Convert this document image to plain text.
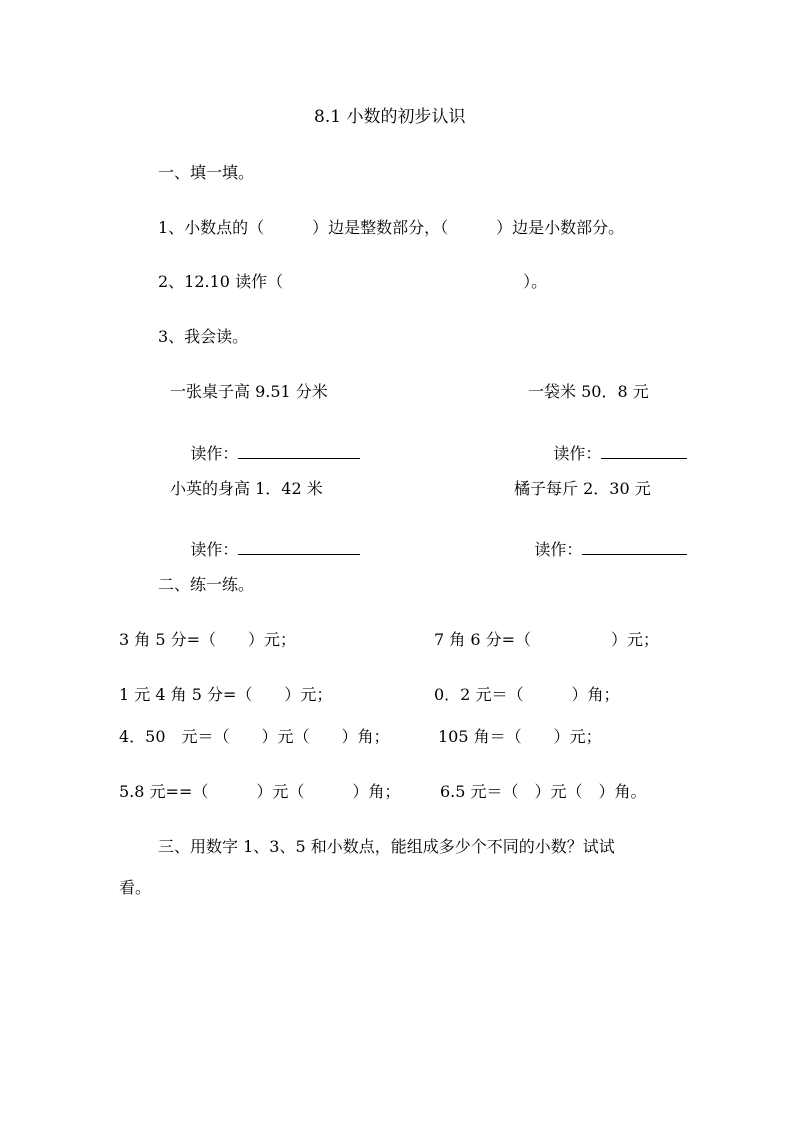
8.1 小数的初步认识
一、填一填。
1、小数点的（　　　）边是整数部分，（　　　）边是小数部分。
2、12.10 读作（　　　　　　　　　　　　　　　）。
3、我会读。
一张桌子高 9.51 分米	一袋米 50．8 元

读作：
	读作：

小英的身高 1．42 米	橘子每斤 2．30 元

读作：
	读作：

二、练一练。
3 角 5 分=（　　）元；	7 角 6 分=（　　　　　）元；
1 元 4 角 5 分=（　　）元；	0．2 元＝（　　　）角；
4．50　元＝（　　）元（　　）角；	105 角＝（　　）元；
5.8 元==（　　　）元（　　　）角； 6.5 元＝（　）元（　）角。
三、用数字 1、3、5 和小数点，能组成多少个不同的小数？试试
看。
